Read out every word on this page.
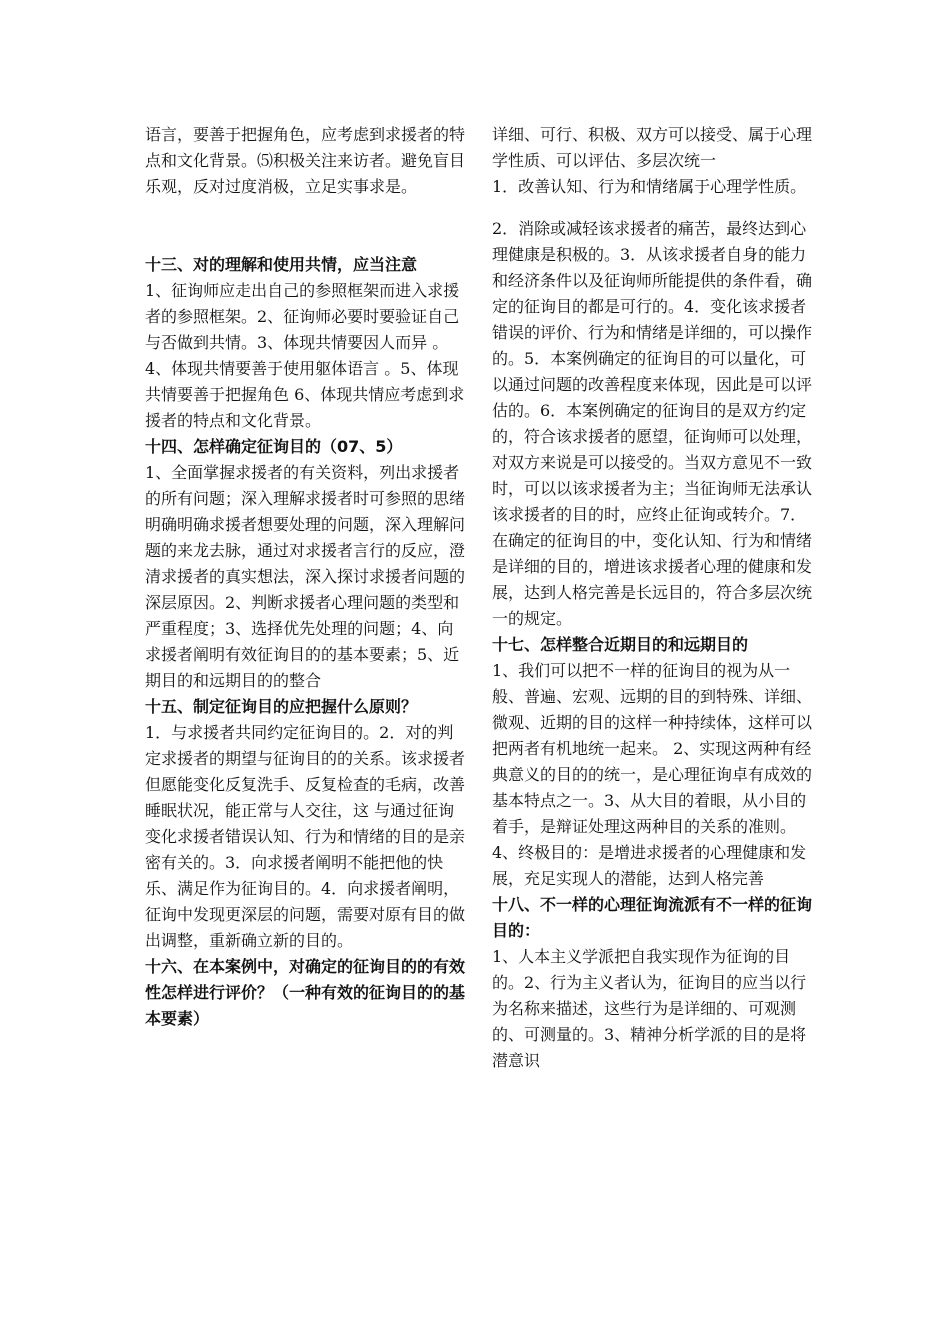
语言，要善于把握角色，应考虑到求援者的特点和文化背景。⑸积极关注来访者。避免盲目乐观，反对过度消极，立足实事求是。

十三、对的理解和使用共情，应当注意

1、征询师应走出自己的参照框架而进入求援者的参照框架。2、征询师必要时要验证自己与否做到共情。3、体现共情要因人而异 。4、体现共情要善于使用躯体语言 。5、体现共情要善于把握角色 6、体现共情应考虑到求援者的特点和文化背景。

十四、怎样确定征询目的（07、5）

1、全面掌握求援者的有关资料，列出求援者的所有问题；深入理解求援者时可参照的思绪明确明确求援者想要处理的问题，深入理解问题的来龙去脉，通过对求援者言行的反应，澄清求援者的真实想法，深入探讨求援者问题的深层原因。2、判断求援者心理问题的类型和严重程度；3、选择优先处理的问题；4、向求援者阐明有效征询目的的基本要素；5、近期目的和远期目的的整合

十五、制定征询目的应把握什么原则？

1．与求援者共同约定征询目的。2．对的判定求援者的期望与征询目的的关系。该求援者但愿能变化反复洗手、反复检查的毛病，改善睡眠状况，能正常与人交往，这 与通过征询变化求援者错误认知、行为和情绪的目的是亲密有关的。3．向求援者阐明不能把他的快乐、满足作为征询目的。4．向求援者阐明，征询中发现更深层的问题，需要对原有目的做出调整，重新确立新的目的。

十六、在本案例中，对确定的征询目的的有效性怎样进行评价？（一种有效的征询目的的基本要素）

详细、可行、积极、双方可以接受、属于心理学性质、可以评估、多层次统一

1．改善认知、行为和情绪属于心理学性质。

2．消除或减轻该求援者的痛苦，最终达到心理健康是积极的。3．从该求援者自身的能力和经济条件以及征询师所能提供的条件看，确定的征询目的都是可行的。4．变化该求援者错误的评价、行为和情绪是详细的，可以操作的。5．本案例确定的征询目的可以量化，可以通过问题的改善程度来体现，因此是可以评估的。6．本案例确定的征询目的是双方约定的，符合该求援者的愿望，征询师可以处理，对双方来说是可以接受的。当双方意见不一致时，可以以该求援者为主；当征询师无法承认该求援者的目的时，应终止征询或转介。7．在确定的征询目的中，变化认知、行为和情绪是详细的目的，增进该求援者心理的健康和发展，达到人格完善是长远目的，符合多层次统一的规定。

十七、怎样整合近期目的和远期目的

1、我们可以把不一样的征询目的视为从一般、普遍、宏观、远期的目的到特殊、详细、微观、近期的目的这样一种持续体，这样可以把两者有机地统一起来。 2、实现这两种有经典意义的目的的统一，是心理征询卓有成效的基本特点之一。3、从大目的着眼，从小目的着手，是辩证处理这两种目的关系的准则。 4、终极目的：是增进求援者的心理健康和发展，充足实现人的潜能，达到人格完善

十八、不一样的心理征询流派有不一样的征询目的：

1、人本主义学派把自我实现作为征询的目的。2、行为主义者认为，征询目的应当以行为名称来描述，这些行为是详细的、可观测的、可测量的。3、精神分析学派的目的是将潜意识
